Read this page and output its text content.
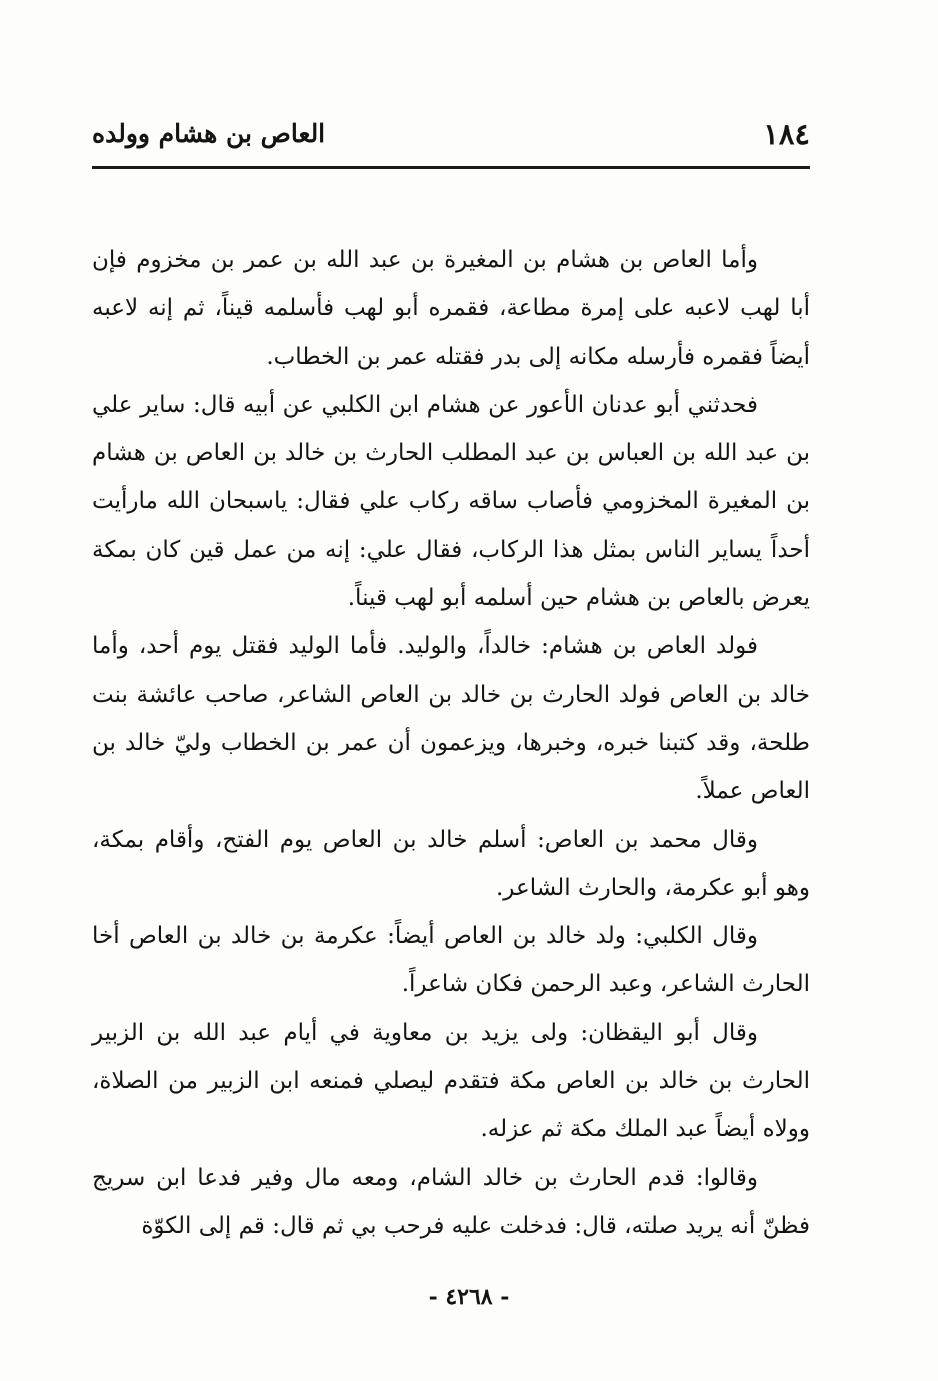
١٨٤
العاص بن هشام وولده

وأما العاص بن هشام بن المغيرة بن عبد الله بن عمر بن مخزوم فإن أبا لهب لاعبه على إمرة مطاعة، فقمره أبو لهب فأسلمه قيناً، ثم إنه لاعبه أيضاً فقمره فأرسله مكانه إلى بدر فقتله عمر بن الخطاب.

فحدثني أبو عدنان الأعور عن هشام ابن الكلبي عن أبيه قال: ساير علي بن عبد الله بن العباس بن عبد المطلب الحارث بن خالد بن العاص بن هشام بن المغيرة المخزومي فأصاب ساقه ركاب علي فقال: ياسبحان الله مارأيت أحداً يساير الناس بمثل هذا الركاب، فقال علي: إنه من عمل قين كان بمكة يعرض بالعاص بن هشام حين أسلمه أبو لهب قيناً.

فولد العاص بن هشام: خالداً، والوليد. فأما الوليد فقتل يوم أحد، وأما خالد بن العاص فولد الحارث بن خالد بن العاص الشاعر، صاحب عائشة بنت طلحة، وقد كتبنا خبره، وخبرها، ويزعمون أن عمر بن الخطاب وليّ خالد بن العاص عملاً.

وقال محمد بن العاص: أسلم خالد بن العاص يوم الفتح، وأقام بمكة، وهو أبو عكرمة، والحارث الشاعر.

وقال الكلبي: ولد خالد بن العاص أيضاً: عكرمة بن خالد بن العاص أخا الحارث الشاعر، وعبد الرحمن فكان شاعراً.

وقال أبو اليقظان: ولى يزيد بن معاوية في أيام عبد الله بن الزبير الحارث بن خالد بن العاص مكة فتقدم ليصلي فمنعه ابن الزبير من الصلاة، وولاه أيضاً عبد الملك مكة ثم عزله.

وقالوا: قدم الحارث بن خالد الشام، ومعه مال وفير فدعا ابن سريج فظنّ أنه يريد صلته، قال: فدخلت عليه فرحب بي ثم قال: قم إلى الكوّة

- ٤٢٦٨ -
